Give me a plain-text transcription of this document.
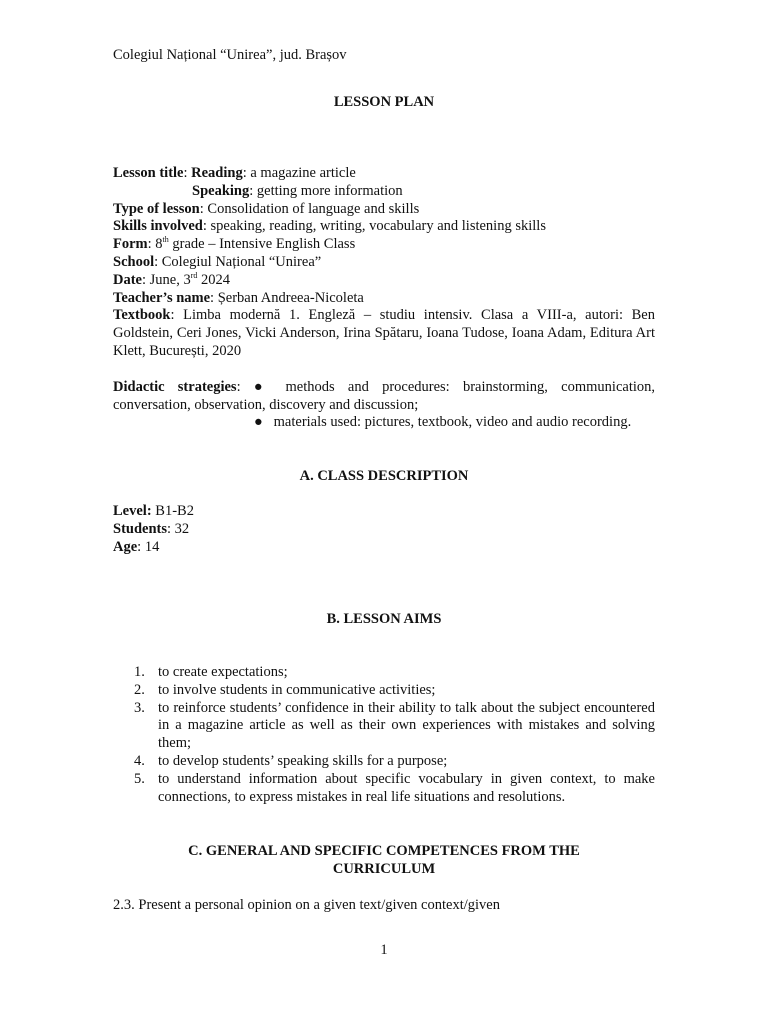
Colegiul Național “Unirea”, jud. Brașov
LESSON PLAN
Lesson title: Reading: a magazine article
Speaking: getting more information
Type of lesson: Consolidation of language and skills
Skills involved: speaking, reading, writing, vocabulary and listening skills
Form: 8th grade – Intensive English Class
School: Colegiul Național “Unirea”
Date: June, 3rd 2024
Teacher’s name: Șerban Andreea-Nicoleta
Textbook: Limba modernă 1. Engleză – studiu intensiv. Clasa a VIII-a, autori: Ben Goldstein, Ceri Jones, Vicki Anderson, Irina Spătaru, Ioana Tudose, Ioana Adam, Editura Art Klett, București, 2020
Didactic strategies: ● methods and procedures: brainstorming, communication, conversation, observation, discovery and discussion;
● materials used: pictures, textbook, video and audio recording.
A. CLASS DESCRIPTION
Level: B1-B2
Students: 32
Age: 14
B. LESSON AIMS
1. to create expectations;
2. to involve students in communicative activities;
3. to reinforce students’ confidence in their ability to talk about the subject encountered in a magazine article as well as their own experiences with mistakes and solving them;
4. to develop students’ speaking skills for a purpose;
5. to understand information about specific vocabulary in given context, to make connections, to express mistakes in real life situations and resolutions.
C. GENERAL AND SPECIFIC COMPETENCES FROM THE
CURRICULUM
2.3. Present a personal opinion on a given text/given context/given
1
